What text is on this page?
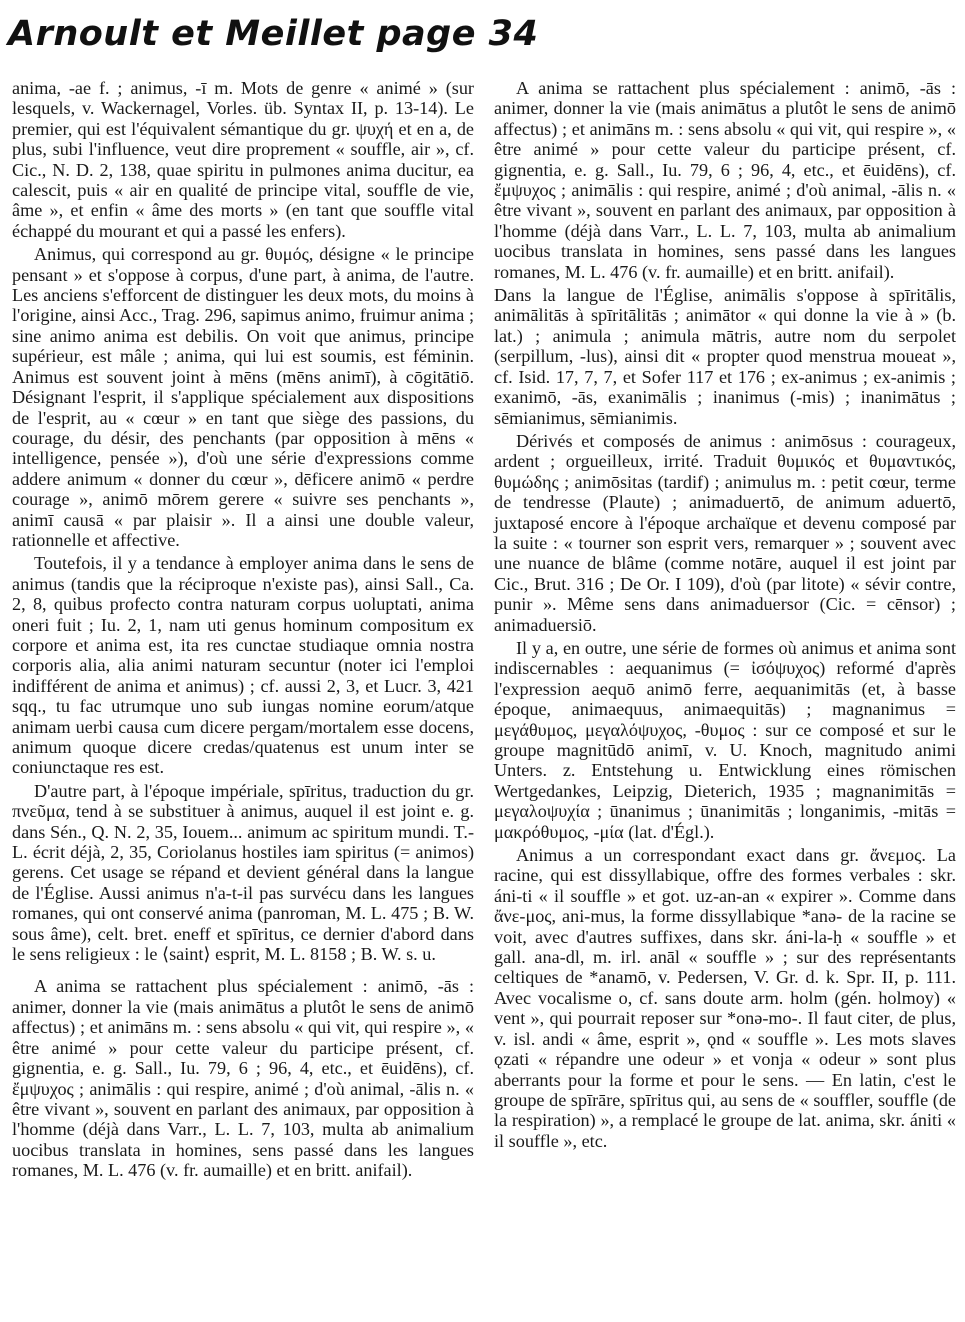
Arnoult et Meillet page 34

anima, -ae f. ; animus, -ī m. Mots de genre « animé » (sur lesquels, v. Wackernagel, Vorles. üb. Syntax II, p. 13-14). Le premier, qui est l'équivalent sémantique du gr. ψυχή et en a, de plus, subi l'influence, veut dire proprement « souffle, air », cf. Cic., N. D. 2, 138, quae spiritu in pulmones anima ducitur, ea calescit, puis « air en qualité de principe vital, souffle de vie, âme », et enfin « âme des morts » (en tant que souffle vital échappé du mourant et qui a passé les enfers).

Animus, qui correspond au gr. θυμός, désigne « le principe pensant » et s'oppose à corpus, d'une part, à anima, de l'autre. Les anciens s'efforcent de distinguer les deux mots, du moins à l'origine, ainsi Acc., Trag. 296, sapimus animo, fruimur anima ; sine animo anima est debilis. On voit que animus, principe supérieur, est mâle ; anima, qui lui est soumis, est féminin. Animus est souvent joint à mēns (mēns animī), à cōgitātiō. Désignant l'esprit, il s'applique spécialement aux dispositions de l'esprit, au « cœur » en tant que siège des passions, du courage, du désir, des penchants (par opposition à mēns « intelligence, pensée »), d'où une série d'expressions comme addere animum « donner du cœur », dēficere animō « perdre courage », animō mōrem gerere « suivre ses penchants », animī causā « par plaisir ». Il a ainsi une double valeur, rationnelle et affective.

Toutefois, il y a tendance à employer anima dans le sens de animus (tandis que la réciproque n'existe pas), ainsi Sall., Ca. 2, 8, quibus profecto contra naturam corpus uoluptati, anima oneri fuit ; Iu. 2, 1, nam uti genus hominum compositum ex corpore et anima est, ita res cunctae studiaque omnia nostra corporis alia, alia animi naturam secuntur (noter ici l'emploi indifférent de anima et animus) ; cf. aussi 2, 3, et Lucr. 3, 421 sqq., tu fac utrumque uno sub iungas nomine eorum/atque animam uerbi causa cum dicere pergam/mortalem esse docens, animum quoque dicere credas/quatenus est unum inter se coniunctaque res est.

D'autre part, à l'époque impériale, spīritus, traduction du gr. πνεῦμα, tend à se substituer à animus, auquel il est joint e. g. dans Sén., Q. N. 2, 35, Iouem... animum ac spiritum mundi. T.-L. écrit déjà, 2, 35, Coriolanus hostiles iam spiritus (= animos) gerens. Cet usage se répand et devient général dans la langue de l'Église. Aussi animus n'a-t-il pas survécu dans les langues romanes, qui ont conservé anima (panroman, M. L. 475 ; B. W. sous âme), celt. bret. eneff et spīritus, ce dernier d'abord dans le sens religieux : le ⟨saint⟩ esprit, M. L. 8158 ; B. W. s. u.

A anima se rattachent plus spécialement : animō, -ās : animer, donner la vie (mais animātus a plutôt le sens de animō affectus) ; et animāns m. : sens absolu « qui vit, qui respire », « être animé » pour cette valeur du participe présent, cf. gignentia, e. g. Sall., Iu. 79, 6 ; 96, 4, etc., et ēuidēns), cf. ἔμψυχος ; animālis : qui respire, animé ; d'où animal, -ālis n. « être vivant », souvent en parlant des animaux, par opposition à l'homme (déjà dans Varr., L. L. 7, 103, multa ab animalium uocibus translata in homines, sens passé dans les langues romanes, M. L. 476 (v. fr. aumaille) et en britt. anifail).

A anima se rattachent plus spécialement : animō, -ās : animer, donner la vie (mais animātus a plutôt le sens de animō affectus) ; et animāns m. : sens absolu « qui vit, qui respire », « être animé » pour cette valeur du participe présent, cf. gignentia, e. g. Sall., Iu. 79, 6 ; 96, 4, etc., et ēuidēns), cf. ἔμψυχος ; animālis : qui respire, animé ; d'où animal, -ālis n. « être vivant », souvent en parlant des animaux, par opposition à l'homme (déjà dans Varr., L. L. 7, 103, multa ab animalium uocibus translata in homines, sens passé dans les langues romanes, M. L. 476 (v. fr. aumaille) et en britt. anifail).

Dans la langue de l'Église, animālis s'oppose à spīritālis, animālitās à spīritālitās ; animātor « qui donne la vie à » (b. lat.) ; animula ; animula mātris, autre nom du serpolet (serpillum, -lus), ainsi dit « propter quod menstrua moueat », cf. Isid. 17, 7, 7, et Sofer 117 et 176 ; ex-animus ; ex-animis ; exanimō, -ās, exanimālis ; inanimus (-mis) ; inanimātus ; sēmianimus, sēmianimis.

Dérivés et composés de animus : animōsus : courageux, ardent ; orgueilleux, irrité. Traduit θυμικός et θυμαντικός, θυμώδης ; animōsitas (tardif) ; animulus m. : petit cœur, terme de tendresse (Plaute) ; animaduertō, de animum aduertō, juxtaposé encore à l'époque archaïque et devenu composé par la suite : « tourner son esprit vers, remarquer » ; souvent avec une nuance de blâme (comme notāre, auquel il est joint par Cic., Brut. 316 ; De Or. I 109), d'où (par litote) « sévir contre, punir ». Même sens dans animaduersor (Cic. = cēnsor) ; animaduersiō.

Il y a, en outre, une série de formes où animus et anima sont indiscernables : aequanimus (= ἰσόψυχος) reformé d'après l'expression aequō animō ferre, aequanimitās (et, à basse époque, animaequus, animaequitās) ; magnanimus = μεγάθυμος, μεγαλόψυχος, -θυμος : sur ce composé et sur le groupe magnitūdō animī, v. U. Knoch, magnitudo animi Unters. z. Entstehung u. Entwicklung eines römischen Wertgedankes, Leipzig, Dieterich, 1935 ; magnanimitās = μεγαλοψυχία ; ūnanimus ; ūnanimitās ; longanimis, -mitās = μακρόθυμος, -μία (lat. d'Égl.).

Animus a un correspondant exact dans gr. ἄνεμος. La racine, qui est dissyllabique, offre des formes verbales : skr. áni-ti « il souffle » et got. uz-an-an « expirer ». Comme dans ἄνε-μος, ani-mus, la forme dissyllabique *anə- de la racine se voit, avec d'autres suffixes, dans skr. áni-la-ḥ « souffle » et gall. ana-dl, m. irl. anāl « souffle » ; sur des représentants celtiques de *anamō, v. Pedersen, V. Gr. d. k. Spr. II, p. 111. Avec vocalisme o, cf. sans doute arm. holm (gén. holmoy) « vent », qui pourrait reposer sur *onə-mo-. Il faut citer, de plus, v. isl. andi « âme, esprit », ǫnd « souffle ». Les mots slaves ǫzati « répandre une odeur » et vonja « odeur » sont plus aberrants pour la forme et pour le sens. — En latin, c'est le groupe de spīrāre, spīritus qui, au sens de « souffler, souffle (de la respiration) », a remplacé le groupe de lat. anima, skr. ániti « il souffle », etc.
